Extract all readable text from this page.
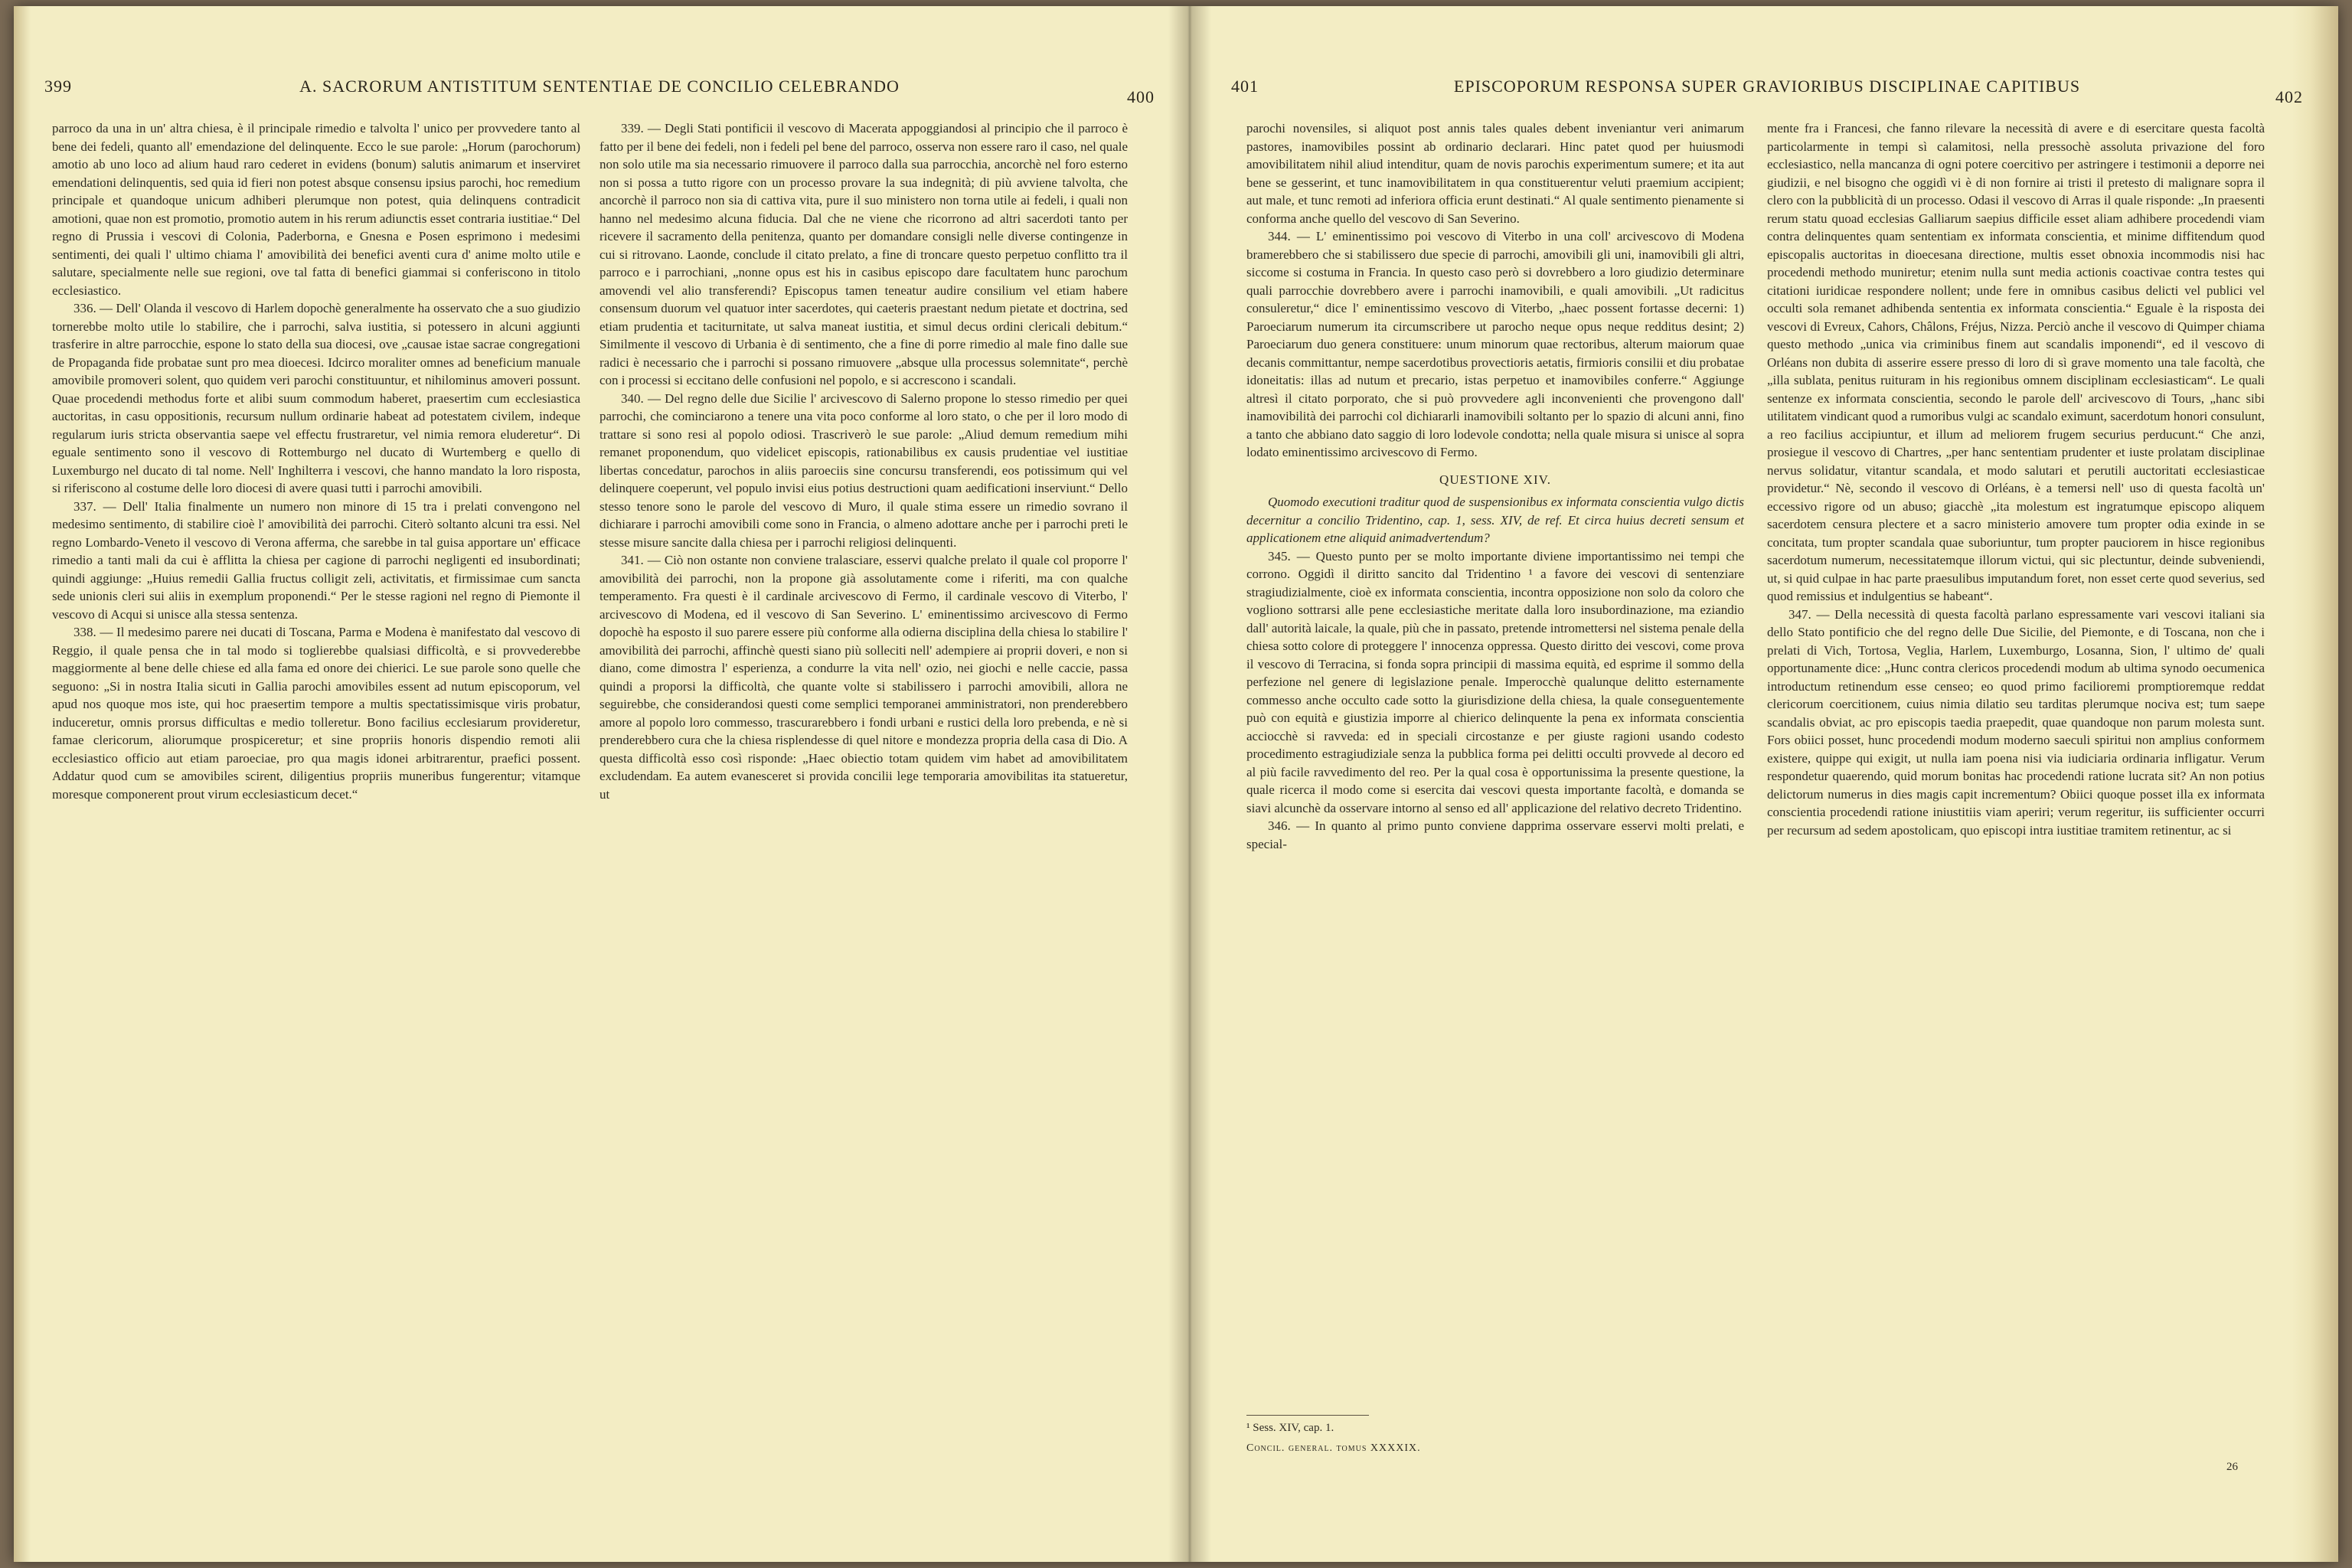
399	A. SACRORUM ANTISTITUM SENTENTIAE DE CONCILIO CELEBRANDO
400

parroco da una in un' altra chiesa, è il principale rimedio e talvolta l' unico per provvedere tanto al bene dei fedeli, quanto all' emendazione del delinquente. Ecco le sue parole: „Horum (parochorum) amotio ab uno loco ad alium haud raro cederet in evidens (bonum) salutis animarum et inserviret emendationi delinquentis, sed quia id fieri non potest absque consensu ipsius parochi, hoc remedium principale et quandoque unicum adhiberi plerumque non potest, quia delinquens contradicit amotioni, quae non est promotio, promotio autem in his rerum adiunctis esset contraria iustitiae.“ Del regno di Prussia i vescovi di Colonia, Paderborna, e Gnesna e Posen esprimono i medesimi sentimenti, dei quali l' ultimo chiama l' amovibilità dei benefici aventi cura d' anime molto utile e salutare, specialmente nelle sue regioni, ove tal fatta di benefici giammai si conferiscono in titolo ecclesiastico.

336. — Dell' Olanda il vescovo di Harlem dopochè generalmente ha osservato che a suo giudizio tornerebbe molto utile lo stabilire, che i parrochi, salva iustitia, si potessero in alcuni aggiunti trasferire in altre parrocchie, espone lo stato della sua diocesi, ove „causae istae sacrae congregationi de Propaganda fide probatae sunt pro mea dioecesi. Idcirco moraliter omnes ad beneficium manuale amovibile promoveri solent, quo quidem veri parochi constituuntur, et nihilominus amoveri possunt. Quae procedendi methodus forte et alibi suum commodum haberet, praesertim cum ecclesiastica auctoritas, in casu oppositionis, recursum nullum ordinarie habeat ad potestatem civilem, indeque regularum iuris stricta observantia saepe vel effectu frustraretur, vel nimia remora eluderetur“. Di eguale sentimento sono il vescovo di Rottemburgo nel ducato di Wurtemberg e quello di Luxemburgo nel ducato di tal nome. Nell' Inghilterra i vescovi, che hanno mandato la loro risposta, si riferiscono al costume delle loro diocesi di avere quasi tutti i parrochi amovibili.

337. — Dell' Italia finalmente un numero non minore di 15 tra i prelati convengono nel medesimo sentimento, di stabilire cioè l' amovibilità dei parrochi. Citerò soltanto alcuni tra essi. Nel regno Lombardo-Veneto il vescovo di Verona afferma, che sarebbe in tal guisa apportare un' efficace rimedio a tanti mali da cui è afflitta la chiesa per cagione di parrochi negligenti ed insubordinati; quindi aggiunge: „Huius remedii Gallia fructus colligit zeli, activitatis, et firmissimae cum sancta sede unionis cleri sui aliis in exemplum proponendi.“ Per le stesse ragioni nel regno di Piemonte il vescovo di Acqui si unisce alla stessa sentenza.

338. — Il medesimo parere nei ducati di Toscana, Parma e Modena è manifestato dal vescovo di Reggio, il quale pensa che in tal modo si toglierebbe qualsiasi difficoltà, e si provvederebbe maggiormente al bene delle chiese ed alla fama ed onore dei chierici. Le sue parole sono quelle che seguono: „Si in nostra Italia sicuti in Gallia parochi amovibiles essent ad nutum episcoporum, vel apud nos quoque mos iste, qui hoc praesertim tempore a multis spectatissimisque viris probatur, induceretur, omnis prorsus difficultas e medio tolleretur. Bono facilius ecclesiarum provideretur, famae clericorum, aliorumque prospiceretur; et sine propriis honoris dispendio remoti alii ecclesiastico officio aut etiam paroeciae, pro qua magis idonei arbitrarentur, praefici possent. Addatur quod cum se amovibiles scirent, diligentius propriis muneribus fungerentur; vitamque moresque componerent prout virum ecclesiasticum decet.“

339. — Degli Stati pontificii il vescovo di Macerata appoggiandosi al principio che il parroco è fatto per il bene dei fedeli, non i fedeli pel bene del parroco, osserva non essere raro il caso, nel quale non solo utile ma sia necessario rimuovere il parroco dalla sua parrocchia, ancorchè nel foro esterno non si possa a tutto rigore con un processo provare la sua indegnità; di più avviene talvolta, che ancorchè il parroco non sia di cattiva vita, pure il suo ministero non torna utile ai fedeli, i quali non hanno nel medesimo alcuna fiducia. Dal che ne viene che ricorrono ad altri sacerdoti tanto per ricevere il sacramento della penitenza, quanto per domandare consigli nelle diverse contingenze in cui si ritrovano. Laonde, conclude il citato prelato, a fine di troncare questo perpetuo conflitto tra il parroco e i parrochiani, „nonne opus est his in casibus episcopo dare facultatem hunc parochum amovendi vel alio transferendi? Episcopus tamen teneatur audire consilium vel etiam habere consensum duorum vel quatuor inter sacerdotes, qui caeteris praestant nedum pietate et doctrina, sed etiam prudentia et taciturnitate, ut salva maneat iustitia, et simul decus ordini clericali debitum.“ Similmente il vescovo di Urbania è di sentimento, che a fine di porre rimedio al male fino dalle sue radici è necessario che i parrochi si possano rimuovere „absque ulla processus solemnitate“, perchè con i processi si eccitano delle confusioni nel popolo, e si accrescono i scandali.

340. — Del regno delle due Sicilie l' arcivescovo di Salerno propone lo stesso rimedio per quei parrochi, che cominciarono a tenere una vita poco conforme al loro stato, o che per il loro modo di trattare si sono resi al popolo odiosi. Trascriverò le sue parole: „Aliud demum remedium mihi remanet proponendum, quo videlicet episcopis, rationabilibus ex causis prudentiae vel iustitiae libertas concedatur, parochos in aliis paroeciis sine concursu transferendi, eos potissimum qui vel delinquere coeperunt, vel populo invisi eius potius destructioni quam aedificationi inserviunt.“ Dello stesso tenore sono le parole del vescovo di Muro, il quale stima essere un rimedio sovrano il dichiarare i parrochi amovibili come sono in Francia, o almeno adottare anche per i parrochi preti le stesse misure sancite dalla chiesa per i parrochi religiosi delinquenti.

341. — Ciò non ostante non conviene tralasciare, esservi qualche prelato il quale col proporre l' amovibilità dei parrochi, non la propone già assolutamente come i riferiti, ma con qualche temperamento. Fra questi è il cardinale arcivescovo di Fermo, il cardinale vescovo di Viterbo, l' arcivescovo di Modena, ed il vescovo di San Severino. L' eminentissimo arcivescovo di Fermo dopochè ha esposto il suo parere essere più conforme alla odierna disciplina della chiesa lo stabilire l' amovibilità dei parrochi, affinchè questi siano più solleciti nell' adempiere ai proprii doveri, e non si diano, come dimostra l' esperienza, a condurre la vita nell' ozio, nei giochi e nelle caccie, passa quindi a proporsi la difficoltà, che quante volte si stabilissero i parrochi amovibili, allora ne seguirebbe, che considerandosi questi come semplici temporanei amministratori, non prenderebbero amore al popolo loro commesso, trascurarebbero i fondi urbani e rustici della loro prebenda, e nè si prenderebbero cura che la chiesa risplendesse di quel nitore e mondezza propria della casa di Dio. A questa difficoltà esso così risponde: „Haec obiectio totam quidem vim habet ad amovibilitatem excludendam. Ea autem evanesceret si provida concilii lege temporaria amovibilitas ita statueretur, ut

401	EPISCOPORUM RESPONSA SUPER GRAVIORIBUS DISCIPLINAE CAPITIBUS
402

parochi novensiles, si aliquot post annis tales quales debent inveniantur veri animarum pastores, inamovibiles possint ab ordinario declarari. Hinc patet quod per huiusmodi amovibilitatem nihil aliud intenditur, quam de novis parochis experimentum sumere; et ita aut bene se gesserint, et tunc inamovibilitatem in qua constituerentur veluti praemium accipient; aut male, et tunc remoti ad inferiora officia erunt destinati.“ Al quale sentimento pienamente si conforma anche quello del vescovo di San Severino.

344. — L' eminentissimo poi vescovo di Viterbo in una coll' arcivescovo di Modena bramerebbero che si stabilissero due specie di parrochi, amovibili gli uni, inamovibili gli altri, siccome si costuma in Francia. In questo caso però si dovrebbero a loro giudizio determinare quali parrocchie dovrebbero avere i parrochi inamovibili, e quali amovibili. „Ut radicitus consuleretur,“ dice l' eminentissimo vescovo di Viterbo, „haec possent fortasse decerni: 1) Paroeciarum numerum ita circumscribere ut parocho neque opus neque redditus desint; 2) Paroeciarum duo genera constituere: unum minorum quae rectoribus, alterum maiorum quae decanis committantur, nempe sacerdotibus provectioris aetatis, firmioris consilii et diu probatae idoneitatis: illas ad nutum et precario, istas perpetuo et inamovibiles conferre.“ Aggiunge altresì il citato porporato, che si può provvedere agli inconvenienti che provengono dall' inamovibilità dei parrochi col dichiararli inamovibili soltanto per lo spazio di alcuni anni, fino a tanto che abbiano dato saggio di loro lodevole condotta; nella quale misura si unisce al sopra lodato eminentissimo arcivescovo di Fermo.

QUESTIONE XIV.

Quomodo executioni traditur quod de suspensionibus ex informata conscientia vulgo dictis decernitur a concilio Tridentino, cap. 1, sess. XIV, de ref. Et circa huius decreti sensum et applicationem etne aliquid animadvertendum?

345. — Questo punto per se molto importante diviene importantissimo nei tempi che corrono. Oggidì il diritto sancito dal Tridentino ¹ a favore dei vescovi di sentenziare stragiudizialmente, cioè ex informata conscientia, incontra opposizione non solo da coloro che vogliono sottrarsi alle pene ecclesiastiche meritate dalla loro insubordinazione, ma eziandio dall' autorità laicale, la quale, più che in passato, pretende intromettersi nel sistema penale della chiesa sotto colore di proteggere l' innocenza oppressa. Questo diritto dei vescovi, come prova il vescovo di Terracina, si fonda sopra principii di massima equità, ed esprime il sommo della perfezione nel genere di legislazione penale. Imperocchè qualunque delitto esternamente commesso anche occulto cade sotto la giurisdizione della chiesa, la quale conseguentemente può con equità e giustizia imporre al chierico delinquente la pena ex informata conscientia acciocchè si ravveda: ed in speciali circostanze e per giuste ragioni usando codesto procedimento estragiudiziale senza la pubblica forma pei delitti occulti provvede al decoro ed al più facile ravvedimento del reo. Per la qual cosa è opportunissima la presente questione, la quale ricerca il modo come si esercita dai vescovi questa importante facoltà, e domanda se siavi alcunchè da osservare intorno al senso ed all' applicazione del relativo decreto Tridentino.

346. — In quanto al primo punto conviene dapprima osservare esservi molti prelati, e special-

mente fra i Francesi, che fanno rilevare la necessità di avere e di esercitare questa facoltà particolarmente in tempi sì calamitosi, nella pressochè assoluta privazione del foro ecclesiastico, nella mancanza di ogni potere coercitivo per astringere i testimonii a deporre nei giudizii, e nel bisogno che oggidì vi è di non fornire ai tristi il pretesto di malignare sopra il clero con la pubblicità di un processo. Odasi il vescovo di Arras il quale risponde: „In praesenti rerum statu quoad ecclesias Galliarum saepius difficile esset aliam adhibere procedendi viam contra delinquentes quam sententiam ex informata conscientia, et minime diffitendum quod episcopalis auctoritas in dioecesana directione, multis esset obnoxia incommodis nisi hac procedendi methodo muniretur; etenim nulla sunt media actionis coactivae contra testes qui citationi iuridicae respondere nollent; unde fere in omnibus casibus delicti vel publici vel occulti sola remanet adhibenda sententia ex informata conscientia.“ Eguale è la risposta dei vescovi di Evreux, Cahors, Châlons, Fréjus, Nizza. Perciò anche il vescovo di Quimper chiama questo methodo „unica via criminibus finem aut scandalis imponendi“, ed il vescovo di Orléans non dubita di asserire essere presso di loro di sì grave momento una tale facoltà, che „illa sublata, penitus ruituram in his regionibus omnem disciplinam ecclesiasticam“. Le quali sentenze ex informata conscientia, secondo le parole dell' arcivescovo di Tours, „hanc sibi utilitatem vindicant quod a rumoribus vulgi ac scandalo eximunt, sacerdotum honori consulunt, a reo facilius accipiuntur, et illum ad meliorem frugem securius perducunt.“ Che anzi, prosiegue il vescovo di Chartres, „per hanc sententiam prudenter et iuste prolatam disciplinae nervus solidatur, vitantur scandala, et modo salutari et perutili auctoritati ecclesiasticae providetur.“ Nè, secondo il vescovo di Orléans, è a temersi nell' uso di questa facoltà un' eccessivo rigore od un abuso; giacchè „ita molestum est ingratumque episcopo aliquem sacerdotem censura plectere et a sacro ministerio amovere tum propter odia exinde in se concitata, tum propter scandala quae suboriuntur, tum propter pauciorem in hisce regionibus sacerdotum numerum, necessitatemque illorum victui, qui sic plectuntur, deinde subveniendi, ut, si quid culpae in hac parte praesulibus imputandum foret, non esset certe quod severius, sed quod remissius et indulgentius se habeant“.

347. — Della necessità di questa facoltà parlano espressamente vari vescovi italiani sia dello Stato pontificio che del regno delle Due Sicilie, del Piemonte, e di Toscana, non che i prelati di Vich, Tortosa, Veglia, Harlem, Luxemburgo, Losanna, Sion, l' ultimo de' quali opportunamente dice: „Hunc contra clericos procedendi modum ab ultima synodo oecumenica introductum retinendum esse censeo; eo quod primo facilioremi promptioremque reddat clericorum coercitionem, cuius nimia dilatio seu tarditas plerumque nociva est; tum saepe scandalis obviat, ac pro episcopis taedia praepedit, quae quandoque non parum molesta sunt. Fors obiici posset, hunc procedendi modum moderno saeculi spiritui non amplius conformem existere, quippe qui exigit, ut nulla iam poena nisi via iudiciaria ordinaria infligatur. Verum respondetur quaerendo, quid morum bonitas hac procedendi ratione lucrata sit? An non potius delictorum numerus in dies magis capit incrementum? Obiici quoque posset illa ex informata conscientia procedendi ratione iniustitiis viam aperiri; verum regeritur, iis sufficienter occurri per recursum ad sedem apostolicam, quo episcopi intra iustitiae tramitem retinentur, ac si

¹ Sess. XIV, cap. 1.
Concil. general. tomus XXXXIX.
26
